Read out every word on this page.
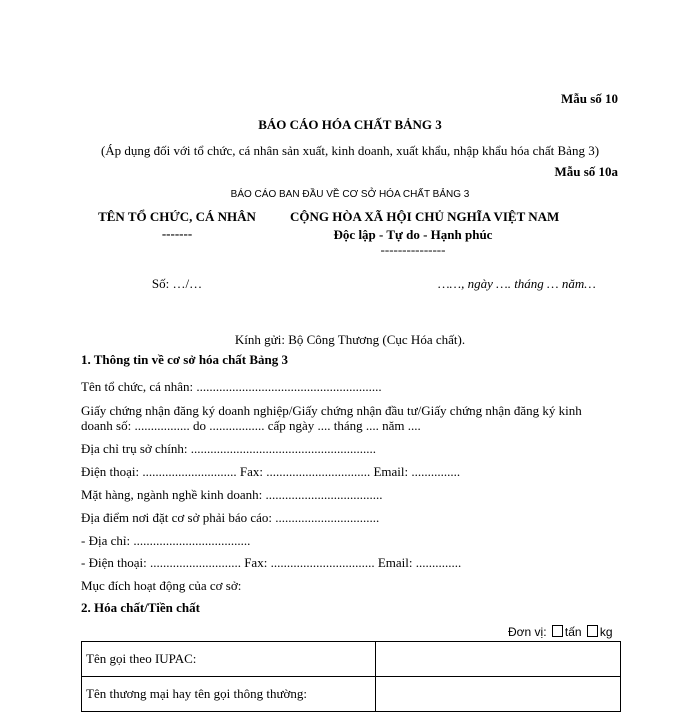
Mẫu số 10
BÁO CÁO HÓA CHẤT BẢNG 3
(Áp dụng đối với tổ chức, cá nhân sản xuất, kinh doanh, xuất khẩu, nhập khẩu hóa chất Bảng 3)
Mẫu số 10a
BÁO CÁO BAN ĐẦU VỀ CƠ SỞ HÓA CHẤT BẢNG 3
TÊN TỔ CHỨC, CÁ NHÂN
-------
CỘNG HÒA XÃ HỘI CHỦ NGHĨA VIỆT NAM
Độc lập - Tự do - Hạnh phúc
---------------
Số: …/…	……, ngày …. tháng … năm…
Kính gửi: Bộ Công Thương (Cục Hóa chất).
1. Thông tin về cơ sở hóa chất Bảng 3
Tên tổ chức, cá nhân: .........................................................
Giấy chứng nhận đăng ký doanh nghiệp/Giấy chứng nhận đầu tư/Giấy chứng nhận đăng ký kinh
doanh số: ................. do ................. cấp ngày .... tháng .... năm ....
Địa chỉ trụ sở chính: .........................................................
Điện thoại: ............................. Fax: ................................ Email: ...............
Mặt hàng, ngành nghề kinh doanh: ....................................
Địa điểm nơi đặt cơ sở phải báo cáo: ................................
- Địa chỉ: ....................................
- Điện thoại: ............................ Fax: ................................ Email: ..............
Mục đích hoạt động của cơ sở:
2. Hóa chất/Tiền chất
Đơn vị: tấn kg
Tên gọi theo IUPAC:	
Tên thương mại hay tên gọi thông thường:	
